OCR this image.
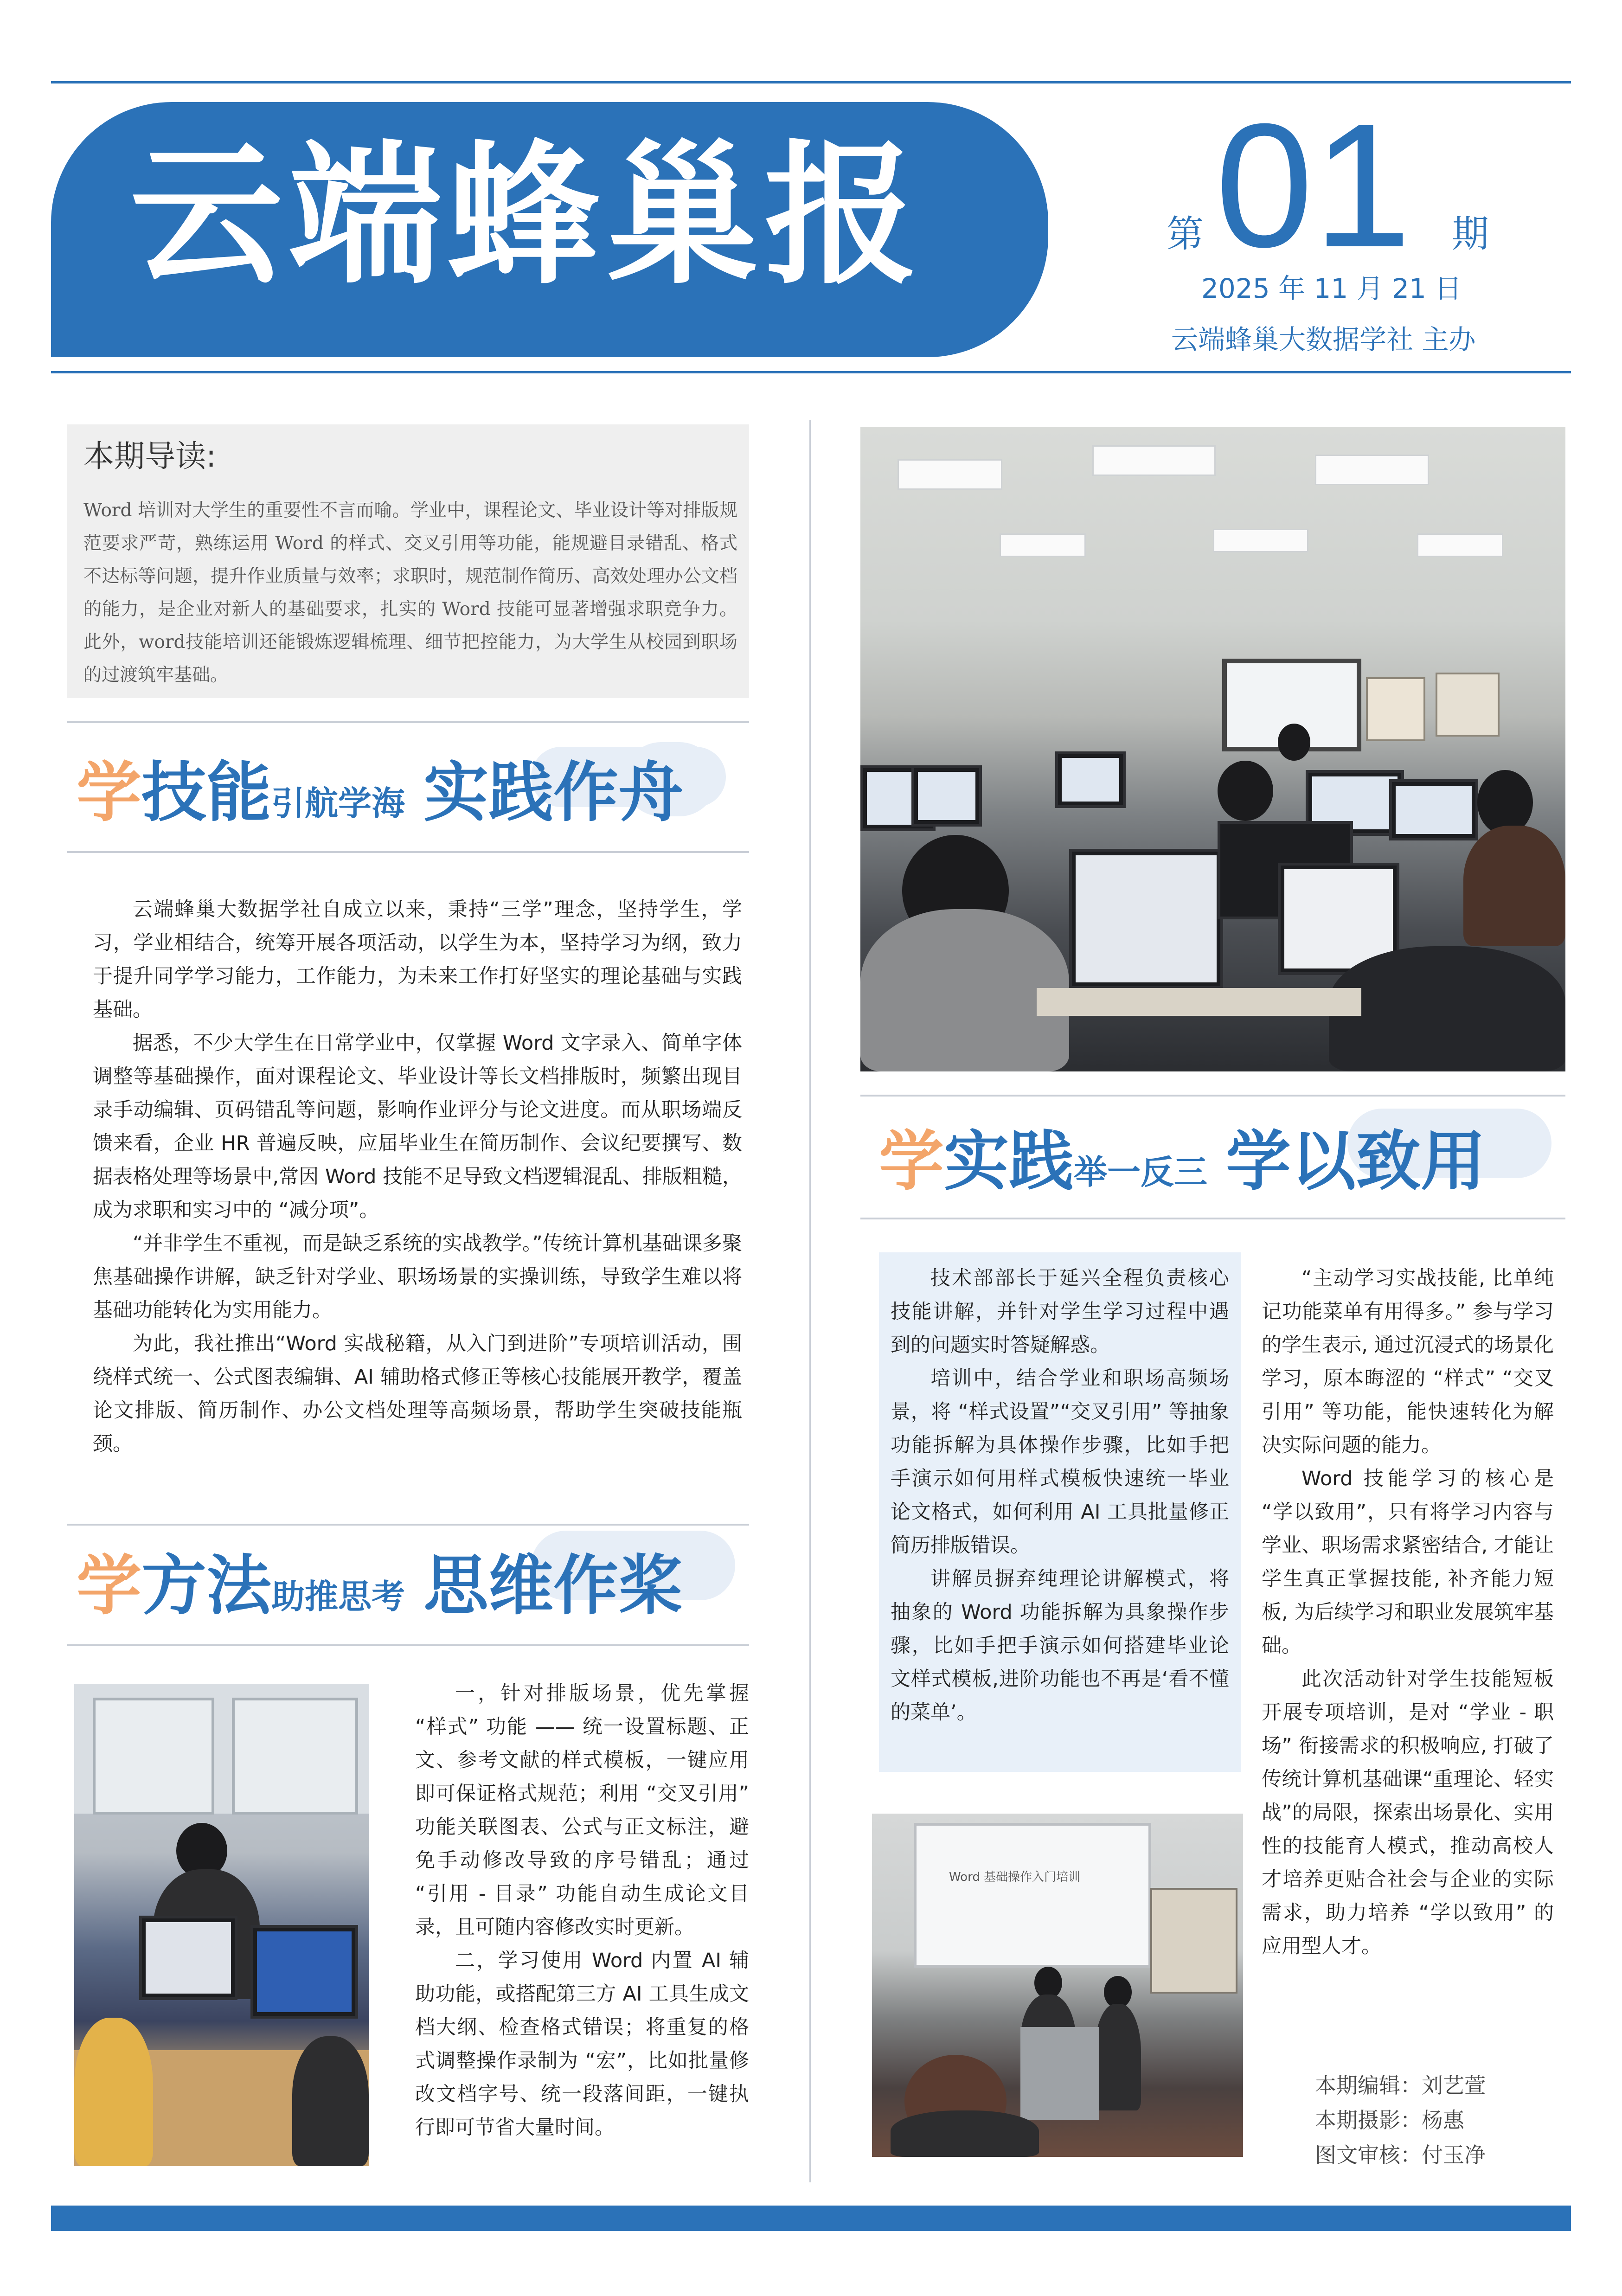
云端蜂巢报	第 01 期
2025 年 11 月 21 日
云端蜂巢大数据学社 主办
本期导读:
Word 培训对大学生的重要性不言而喻。学业中，课程论文、毕业设计等对排版规范要求严苛，熟练运用 Word 的样式、交叉引用等功能，能规避目录错乱、格式不达标等问题，提升作业质量与效率；求职时，规范制作简历、高效处理办公文档的能力，是企业对新人的基础要求，扎实的 Word 技能可显著增强求职竞争力。此外，word技能培训还能锻炼逻辑梳理、细节把控能力，为大学生从校园到职场的过渡筑牢基础。
学技能引航学海 实践作舟

云端蜂巢大数据学社自成立以来，秉持“三学”理念，坚持学生，学习，学业相结合，统筹开展各项活动，以学生为本，坚持学习为纲，致力于提升同学学习能力，工作能力，为未来工作打好坚实的理论基础与实践基础。

据悉，不少大学生在日常学业中，仅掌握 Word 文字录入、简单字体调整等基础操作，面对课程论文、毕业设计等长文档排版时，频繁出现目录手动编辑、页码错乱等问题，影响作业评分与论文进度。而从职场端反馈来看，企业 HR 普遍反映，应届毕业生在简历制作、会议纪要撰写、数据表格处理等场景中,常因 Word 技能不足导致文档逻辑混乱、排版粗糙，成为求职和实习中的 “减分项”。

“并非学生不重视，而是缺乏系统的实战教学。”传统计算机基础课多聚焦基础操作讲解，缺乏针对学业、职场场景的实操训练，导致学生难以将基础功能转化为实用能力。

为此，我社推出“Word 实战秘籍，从入门到进阶”专项培训活动，围绕样式统一、公式图表编辑、AI 辅助格式修正等核心技能展开教学，覆盖论文排版、简历制作、办公文档处理等高频场景，帮助学生突破技能瓶颈。

学方法助推思考 思维作桨

一，针对排版场景，优先掌握 “样式” 功能 —— 统一设置标题、正文、参考文献的样式模板，一键应用即可保证格式规范；利用 “交叉引用” 功能关联图表、公式与正文标注，避免手动修改导致的序号错乱；通过 “引用 - 目录” 功能自动生成论文目录，且可随内容修改实时更新。

二，学习使用 Word 内置 AI 辅助功能，或搭配第三方 AI 工具生成文档大纲、检查格式错误；将重复的格式调整操作录制为 “宏”，比如批量修改文档字号、统一段落间距，一键执行即可节省大量时间。

学实践举一反三 学以致用

技术部部长于延兴全程负责核心技能讲解，并针对学生学习过程中遇到的问题实时答疑解惑。

培训中，结合学业和职场高频场景，将 “样式设置”“交叉引用” 等抽象功能拆解为具体操作步骤，比如手把手演示如何用样式模板快速统一毕业论文格式，如何利用 AI 工具批量修正简历排版错误。

讲解员摒弃纯理论讲解模式，将抽象的 Word 功能拆解为具象操作步骤，比如手把手演示如何搭建毕业论文样式模板,进阶功能也不再是‘看不懂的菜单’。

“主动学习实战技能, 比单纯记功能菜单有用得多。” 参与学习的学生表示, 通过沉浸式的场景化学习，原本晦涩的 “样式” “交叉引用” 等功能，能快速转化为解决实际问题的能力。

Word 技能学习的核心是 “学以致用”，只有将学习内容与学业、职场需求紧密结合, 才能让学生真正掌握技能, 补齐能力短板, 为后续学习和职业发展筑牢基础。

此次活动针对学生技能短板开展专项培训，是对 “学业 - 职场” 衔接需求的积极响应, 打破了传统计算机基础课“重理论、轻实战”的局限，探索出场景化、实用性的技能育人模式，推动高校人才培养更贴合社会与企业的实际需求，助力培养 “学以致用” 的应用型人才。

Word 基础操作入门培训
本期编辑：刘艺萱
本期摄影：杨惠
图文审核：付玉净
